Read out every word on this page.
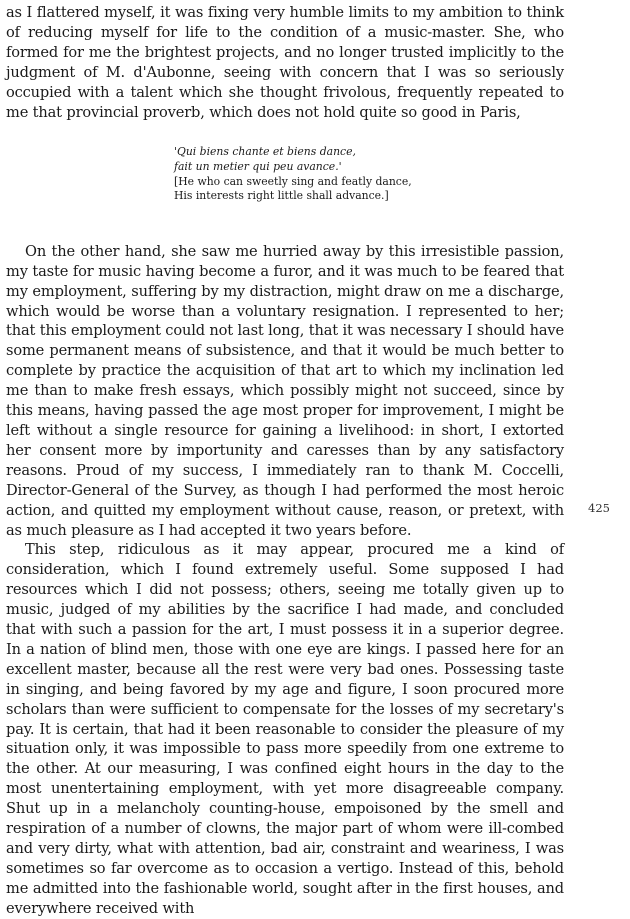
as I flattered myself, it was fixing very humble limits to my ambition to think of reducing myself for life to the condition of a music-master. She, who formed for me the brightest projects, and no longer trusted implicitly to the judgment of M. d'Aubonne, seeing with concern that I was so seriously occupied with a talent which she thought frivolous, frequently repeated to me that provincial proverb, which does not hold quite so good in Paris,

'Qui biens chante et biens dance,
fait un metier qui peu avance.'
[He who can sweetly sing and featly dance,
His interests right little shall advance.]

On the other hand, she saw me hurried away by this irresistible passion, my taste for music having become a furor, and it was much to be feared that my employment, suffering by my distraction, might draw on me a discharge, which would be worse than a voluntary resignation. I represented to her; that this employment could not last long, that it was necessary I should have some permanent means of subsistence, and that it would be much better to complete by practice the acquisition of that art to which my inclination led me than to make fresh essays, which possibly might not succeed, since by this means, having passed the age most proper for improvement, I might be left without a single resource for gaining a livelihood: in short, I extorted her consent more by importunity and caresses than by any satisfactory reasons. Proud of my success, I immediately ran to thank M. Coccelli, Director-General of the Survey, as though I had performed the most heroic action, and quitted my employment without cause, reason, or pretext, with as much pleasure as I had accepted it two years before.

This step, ridiculous as it may appear, procured me a kind of consideration, which I found extremely useful. Some supposed I had resources which I did not possess; others, seeing me totally given up to music, judged of my abilities by the sacrifice I had made, and concluded that with such a passion for the art, I must possess it in a superior degree. In a nation of blind men, those with one eye are kings. I passed here for an excellent master, because all the rest were very bad ones. Possessing taste in singing, and being favored by my age and figure, I soon procured more scholars than were sufficient to compensate for the losses of my secretary's pay. It is certain, that had it been reasonable to consider the pleasure of my situation only, it was impossible to pass more speedily from one extreme to the other. At our measuring, I was confined eight hours in the day to the most unentertaining employment, with yet more disagreeable company. Shut up in a melancholy counting-house, empoisoned by the smell and respiration of a number of clowns, the major part of whom were ill-combed and very dirty, what with attention, bad air, constraint and weariness, I was sometimes so far overcome as to occasion a vertigo. Instead of this, behold me admitted into the fashionable world, sought after in the first houses, and everywhere received with

425
